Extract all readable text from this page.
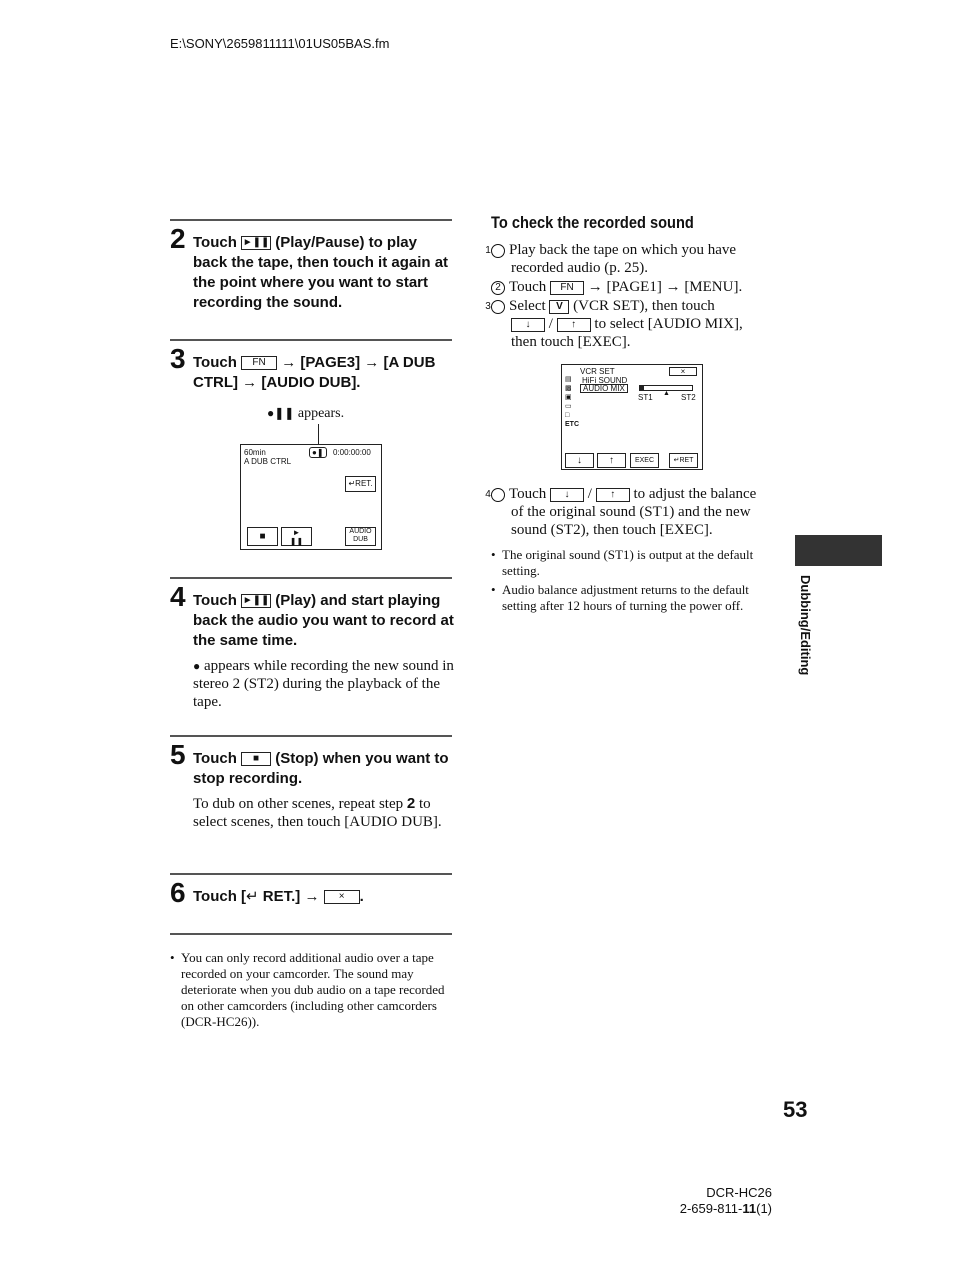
E:\SONY\2659811111\01US05BAS.fm
2 Touch ►❚❚ (Play/Pause) to play back the tape, then touch it again at the point where you want to start recording the sound.
3 Touch FN → [PAGE3] → [A DUB CTRL] → [AUDIO DUB].
●❚❚ appears.
60min
A DUB CTRL
●❚	0:00:00:00
↵RET.
■	►
❚❚
AUDIO DUB
4 Touch ►❚❚ (Play) and start playing back the audio you want to record at the same time.
● appears while recording the new sound in stereo 2 (ST2) during the playback of the tape.
5 Touch ■ (Stop) when you want to stop recording.
To dub on other scenes, repeat step 2 to select scenes, then touch [AUDIO DUB].
6 Touch [↵ RET.] → × .
• You can only record additional audio over a tape recorded on your camcorder. The sound may deteriorate when you dub audio on a tape recorded on other camcorders (including other camcorders (DCR-HC26)).
To check the recorded sound
1 Play back the tape on which you have recorded audio (p. 25).
2 Touch FN → [PAGE1] → [MENU].
3 Select V (VCR SET), then touch
↓ / ↑ to select [AUDIO MIX], then touch [EXEC].
VCR SET	×
▤
▩
▣
▭
□
ETC
HiFi SOUND
AUDIO MIX
ST1 ▲ ST2
↓	↑	EXEC	↵RET
4 Touch ↓ / ↑ to adjust the balance of the original sound (ST1) and the new sound (ST2), then touch [EXEC].
• The original sound (ST1) is output at the default setting.
• Audio balance adjustment returns to the default setting after 12 hours of turning the power off.	Dubbing/Editing
53
DCR-HC26
2-659-811-11(1)
